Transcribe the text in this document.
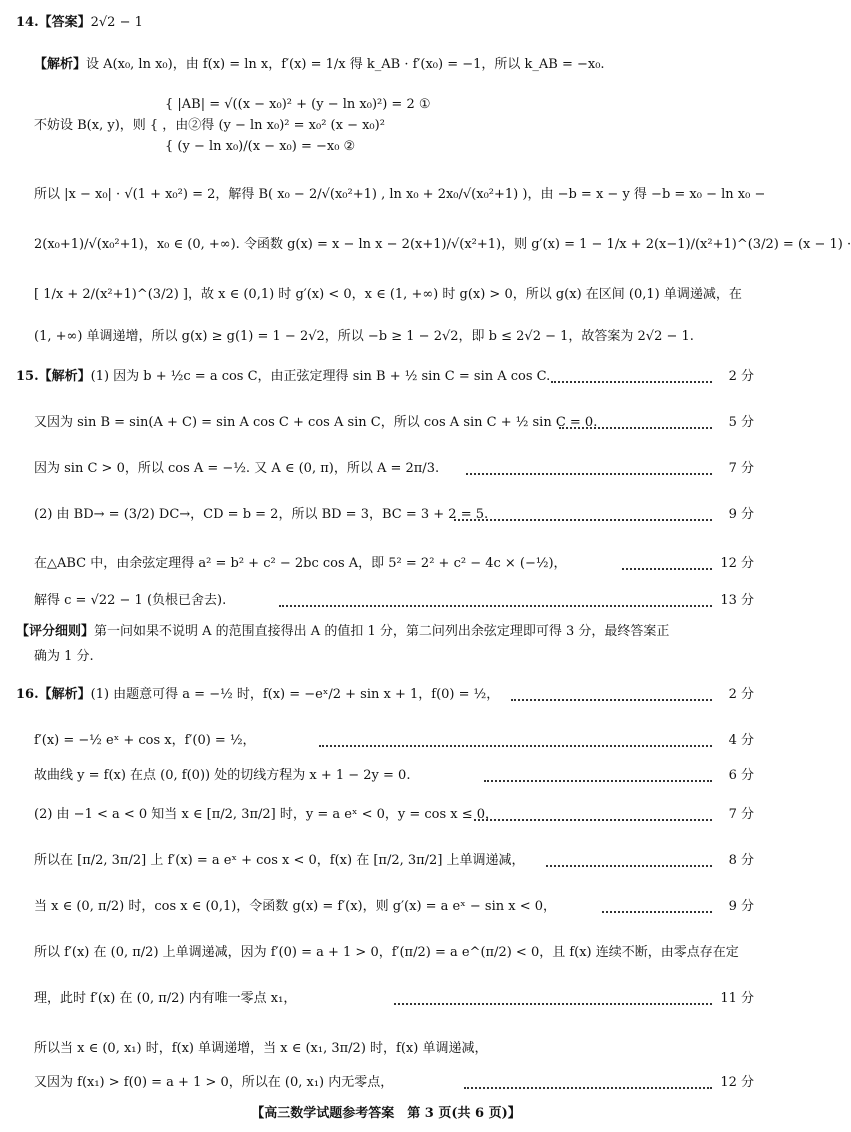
14.【答案】2√2 − 1
【解析】设 A(x₀, ln x₀)，由 f(x) = ln x，f′(x) = 1/x 得 k_AB · f′(x₀) = −1，所以 k_AB = −x₀.
{ |AB| = √((x − x₀)² + (y − ln x₀)²) = 2 ①
不妨设 B(x, y)，则 { ，由②得 (y − ln x₀)² = x₀² (x − x₀)²
{ (y − ln x₀)/(x − x₀) = −x₀ ②
所以 |x − x₀| · √(1 + x₀²) = 2，解得 B( x₀ − 2/√(x₀²+1) , ln x₀ + 2x₀/√(x₀²+1) )，由 −b = x − y 得 −b = x₀ − ln x₀ −
2(x₀+1)/√(x₀²+1)，x₀ ∈ (0, +∞). 令函数 g(x) = x − ln x − 2(x+1)/√(x²+1)，则 g′(x) = 1 − 1/x + 2(x−1)/(x²+1)^(3/2) = (x − 1) ·
[ 1/x + 2/(x²+1)^(3/2) ]，故 x ∈ (0,1) 时 g′(x) < 0，x ∈ (1, +∞) 时 g(x) > 0，所以 g(x) 在区间 (0,1) 单调递减，在
(1, +∞) 单调递增，所以 g(x) ≥ g(1) = 1 − 2√2，所以 −b ≥ 1 − 2√2，即 b ≤ 2√2 − 1，故答案为 2√2 − 1.
15.【解析】(1) 因为 b + ½c = a cos C，由正弦定理得 sin B + ½ sin C = sin A cos C.	2 分
又因为 sin B = sin(A + C) = sin A cos C + cos A sin C，所以 cos A sin C + ½ sin C = 0.	5 分
因为 sin C > 0，所以 cos A = −½. 又 A ∈ (0, π)，所以 A = 2π/3.	7 分
(2) 由 BD→ = (3/2) DC→，CD = b = 2，所以 BD = 3，BC = 3 + 2 = 5.	9 分
在△ABC 中，由余弦定理得 a² = b² + c² − 2bc cos A，即 5² = 2² + c² − 4c × (−½)，	12 分
解得 c = √22 − 1 (负根已舍去).	13 分
【评分细则】第一问如果不说明 A 的范围直接得出 A 的值扣 1 分，第二问列出余弦定理即可得 3 分，最终答案正
确为 1 分.
16.【解析】(1) 由题意可得 a = −½ 时，f(x) = −eˣ/2 + sin x + 1，f(0) = ½，	2 分
f′(x) = −½ eˣ + cos x，f′(0) = ½，	4 分
故曲线 y = f(x) 在点 (0, f(0)) 处的切线方程为 x + 1 − 2y = 0.	6 分
(2) 由 −1 < a < 0 知当 x ∈ [π/2, 3π/2] 时，y = a eˣ < 0，y = cos x ≤ 0，	7 分
所以在 [π/2, 3π/2] 上 f′(x) = a eˣ + cos x < 0，f(x) 在 [π/2, 3π/2] 上单调递减，	8 分
当 x ∈ (0, π/2) 时，cos x ∈ (0,1)，令函数 g(x) = f′(x)，则 g′(x) = a eˣ − sin x < 0，	9 分
所以 f′(x) 在 (0, π/2) 上单调递减，因为 f′(0) = a + 1 > 0，f′(π/2) = a e^(π/2) < 0，且 f(x) 连续不断，由零点存在定
理，此时 f′(x) 在 (0, π/2) 内有唯一零点 x₁，	11 分
所以当 x ∈ (0, x₁) 时，f(x) 单调递增，当 x ∈ (x₁, 3π/2) 时，f(x) 单调递减，
又因为 f(x₁) > f(0) = a + 1 > 0，所以在 (0, x₁) 内无零点，	12 分
【高三数学试题参考答案　第 3 页(共 6 页)】
